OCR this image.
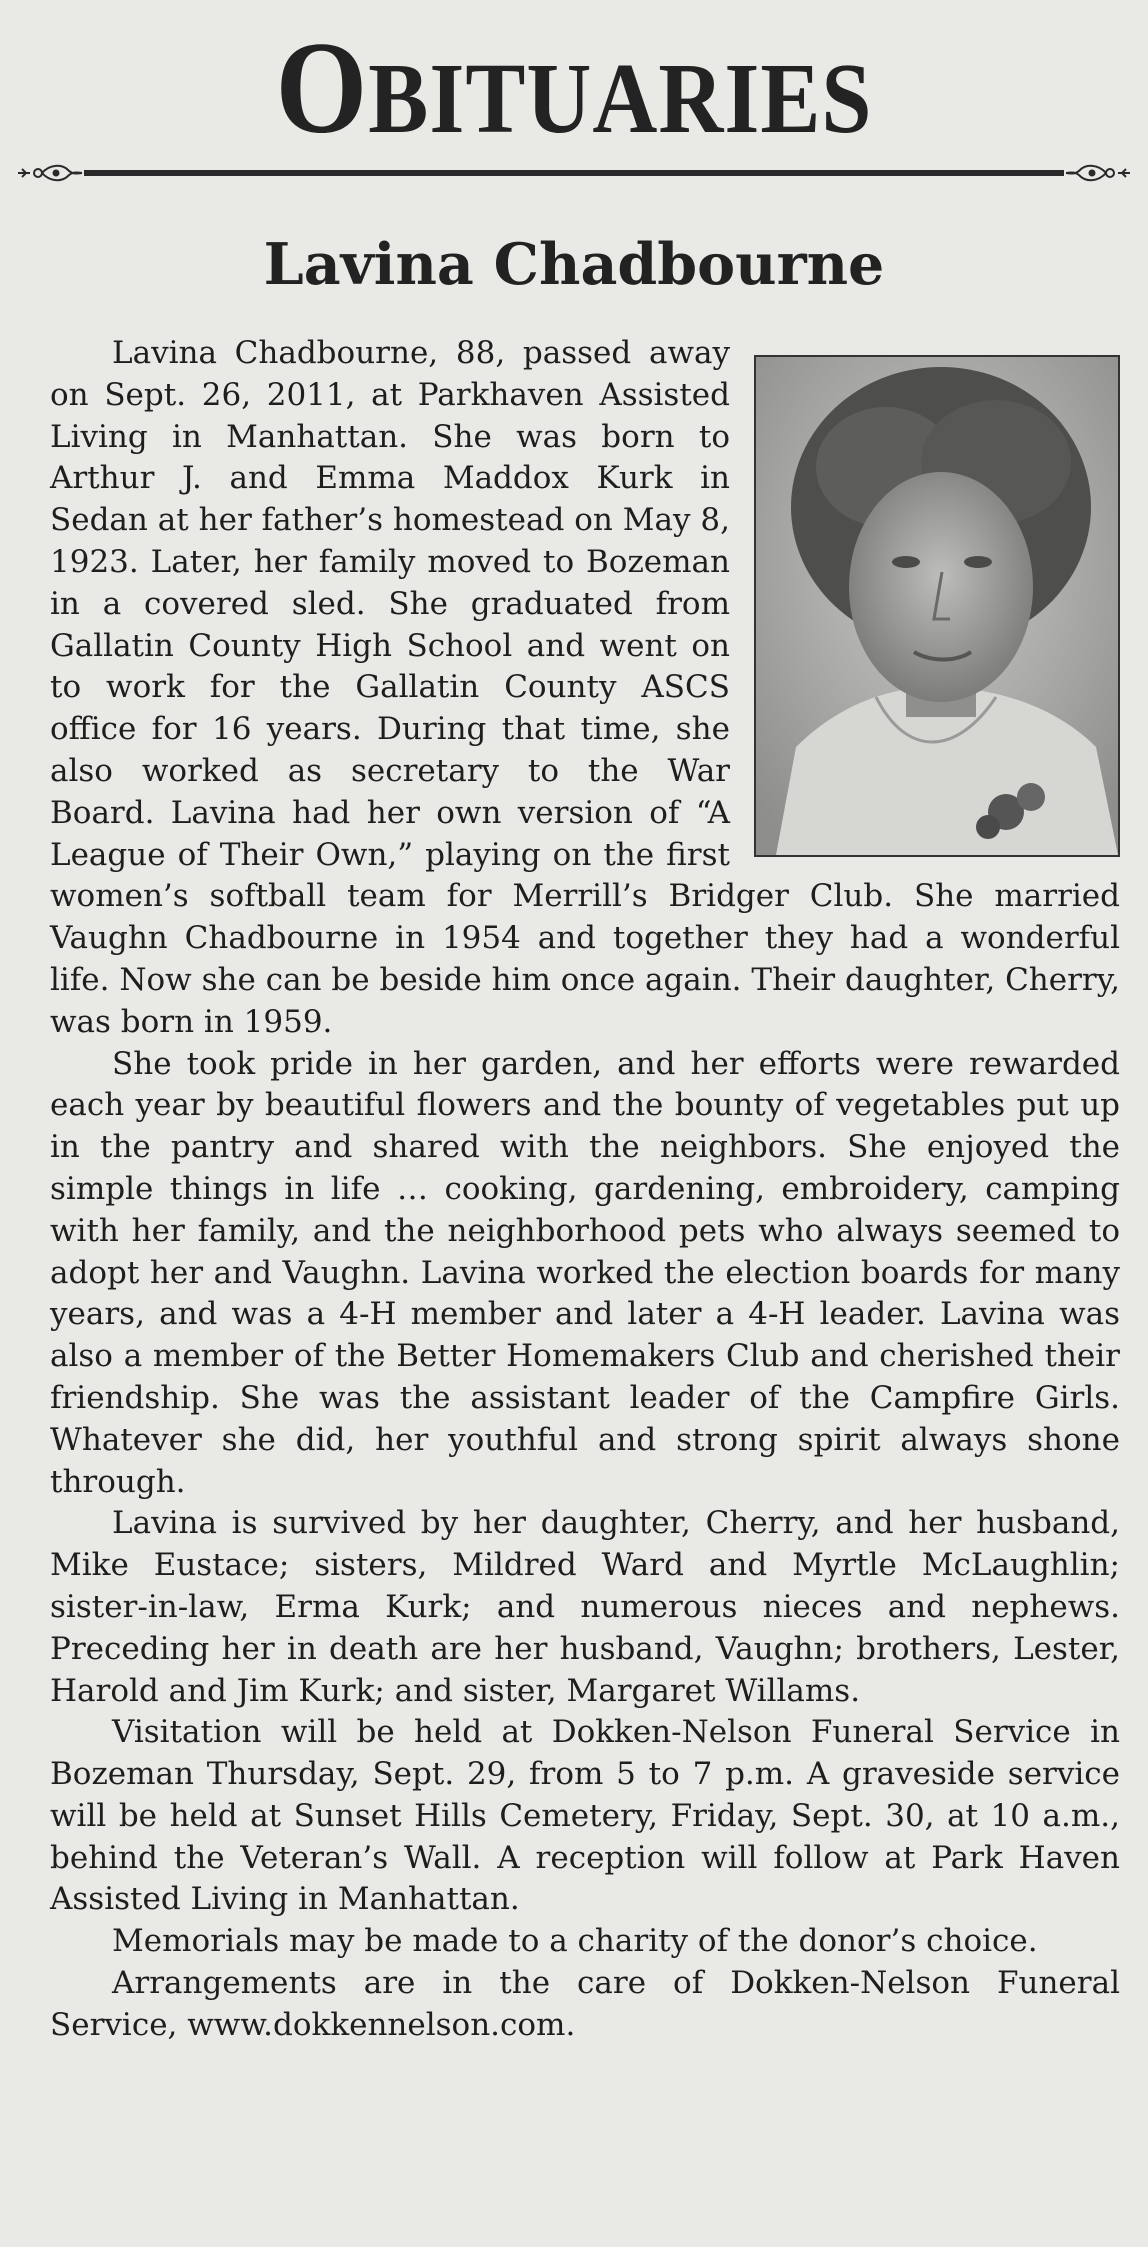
OBITUARIES
Lavina Chadbourne

Lavina Chadbourne, 88, passed away on Sept. 26, 2011, at Parkhaven Assisted Living in Manhattan. She was born to Arthur J. and Emma Maddox Kurk in Sedan at her father’s homestead on May 8, 1923. Later, her family moved to Bozeman in a covered sled. She graduated from Gallatin County High School and went on to work for the Gallatin County ASCS office for 16 years. During that time, she also worked as secretary to the War Board. Lavina had her own version of “A League of Their Own,” playing on the first women’s softball team for Merrill’s Bridger Club. She married Vaughn Chadbourne in 1954 and together they had a wonderful life. Now she can be beside him once again. Their daughter, Cherry, was born in 1959.

She took pride in her garden, and her efforts were rewarded each year by beautiful flowers and the bounty of vegetables put up in the pantry and shared with the neighbors. She enjoyed the simple things in life … cooking, gardening, embroidery, camping with her family, and the neighborhood pets who always seemed to adopt her and Vaughn. Lavina worked the election boards for many years, and was a 4-H member and later a 4-H leader. Lavina was also a member of the Better Homemakers Club and cherished their friendship. She was the assistant leader of the Campfire Girls. Whatever she did, her youthful and strong spirit always shone through.

Lavina is survived by her daughter, Cherry, and her husband, Mike Eustace; sisters, Mildred Ward and Myrtle McLaughlin; sister-in-law, Erma Kurk; and numerous nieces and nephews. Preceding her in death are her husband, Vaughn; brothers, Lester, Harold and Jim Kurk; and sister, Margaret Willams.

Visitation will be held at Dokken-Nelson Funeral Service in Bozeman Thursday, Sept. 29, from 5 to 7 p.m. A graveside service will be held at Sunset Hills Cemetery, Friday, Sept. 30, at 10 a.m., behind the Veteran’s Wall. A reception will follow at Park Haven Assisted Living in Manhattan.

Memorials may be made to a charity of the donor’s choice.

Arrangements are in the care of Dokken-Nelson Funeral Service, www.dokkennelson.com.
